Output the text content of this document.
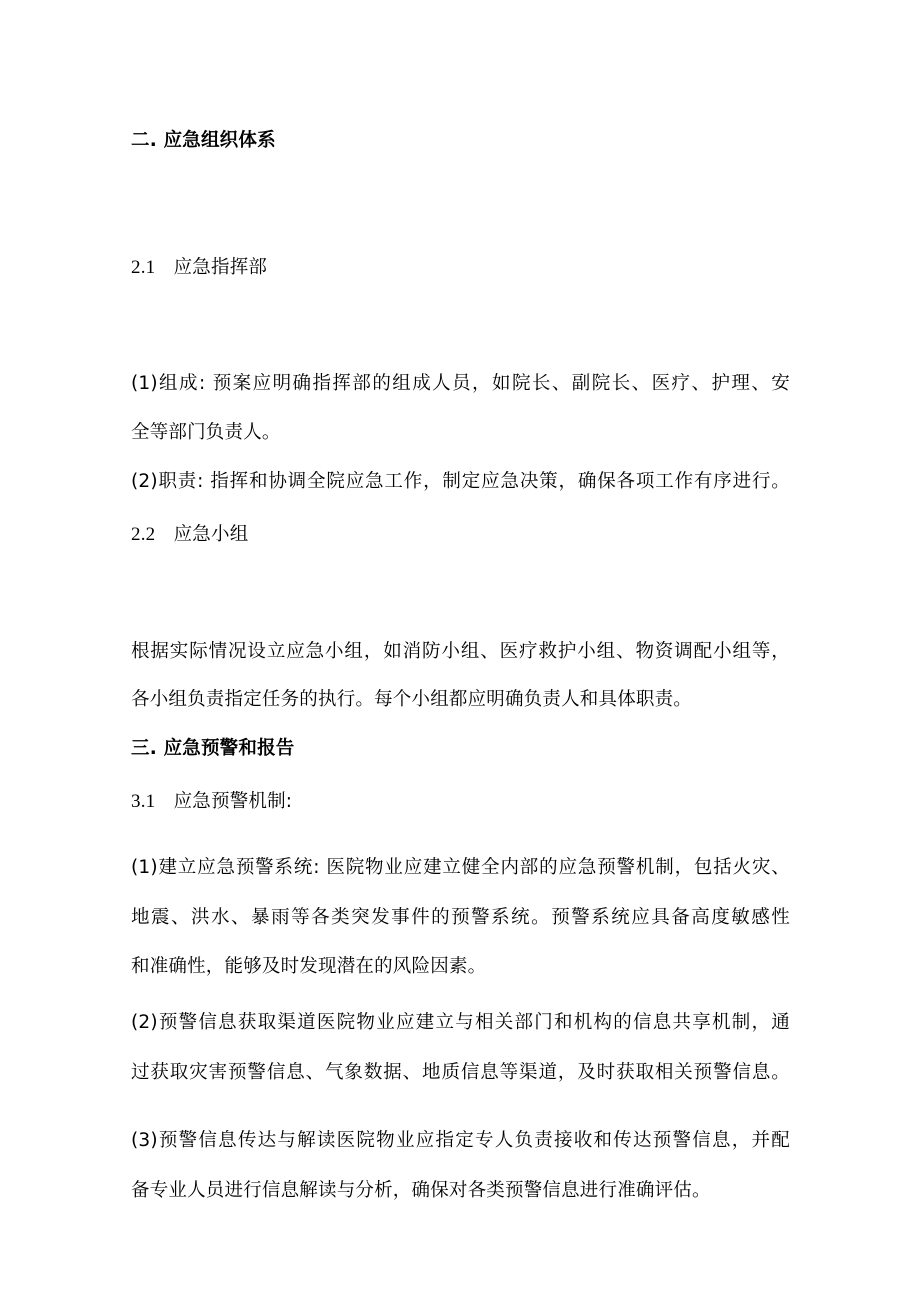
二. 应急组织体系
2.1 应急指挥部
(1)组成: 预案应明确指挥部的组成人员，如院长、副院长、医疗、护理、安
全等部门负责人。
(2)职责: 指挥和协调全院应急工作，制定应急决策，确保各项工作有序进行。
2.2 应急小组
根据实际情况设立应急小组，如消防小组、医疗救护小组、物资调配小组等，
各小组负责指定任务的执行。每个小组都应明确负责人和具体职责。
三. 应急预警和报告
3.1 应急预警机制:
(1)建立应急预警系统: 医院物业应建立健全内部的应急预警机制，包括火灾、
地震、洪水、暴雨等各类突发事件的预警系统。预警系统应具备高度敏感性
和准确性，能够及时发现潜在的风险因素。
(2)预警信息获取渠道医院物业应建立与相关部门和机构的信息共享机制，通
过获取灾害预警信息、气象数据、地质信息等渠道，及时获取相关预警信息。
(3)预警信息传达与解读医院物业应指定专人负责接收和传达预警信息，并配
备专业人员进行信息解读与分析，确保对各类预警信息进行准确评估。
